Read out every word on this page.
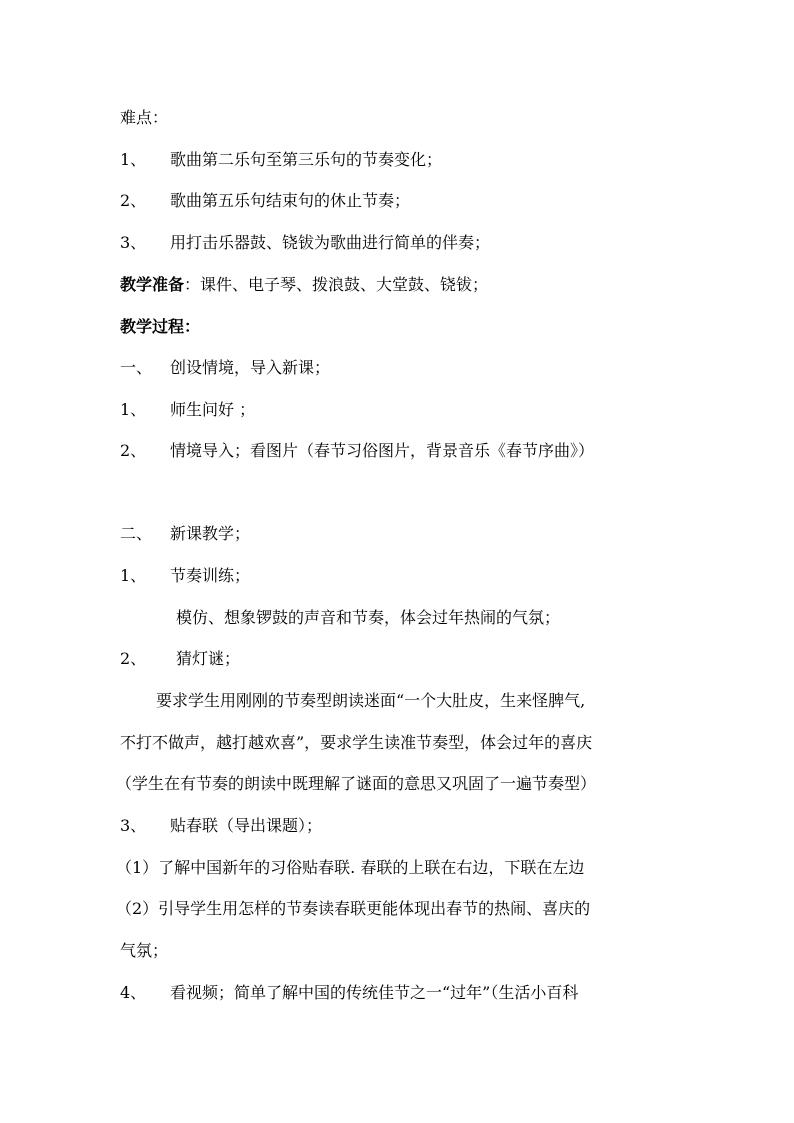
难点：
1、 歌曲第二乐句至第三乐句的节奏变化；
2、 歌曲第五乐句结束句的休止节奏；
3、 用打击乐器鼓、铙钹为歌曲进行简单的伴奏；
教学准备：课件、电子琴、拨浪鼓、大堂鼓、铙钹；
教学过程：
一、 创设情境，导入新课；
1、 师生问好 ；
2、 情境导入；看图片（春节习俗图片，背景音乐《春节序曲》）
二、 新课教学；
1、 节奏训练；
模仿、想象锣鼓的声音和节奏，体会过年热闹的气氛；
2、 猜灯谜；
要求学生用刚刚的节奏型朗读迷面“一个大肚皮，生来怪脾气,
不打不做声，越打越欢喜”，要求学生读准节奏型，体会过年的喜庆
（学生在有节奏的朗读中既理解了谜面的意思又巩固了一遍节奏型）
3、 贴春联（导出课题）；
（1）了解中国新年的习俗贴春联. 春联的上联在右边，下联在左边
（2）引导学生用怎样的节奏读春联更能体现出春节的热闹、喜庆的
气氛；
4、 看视频；简单了解中国的传统佳节之一“过年”（生活小百科
